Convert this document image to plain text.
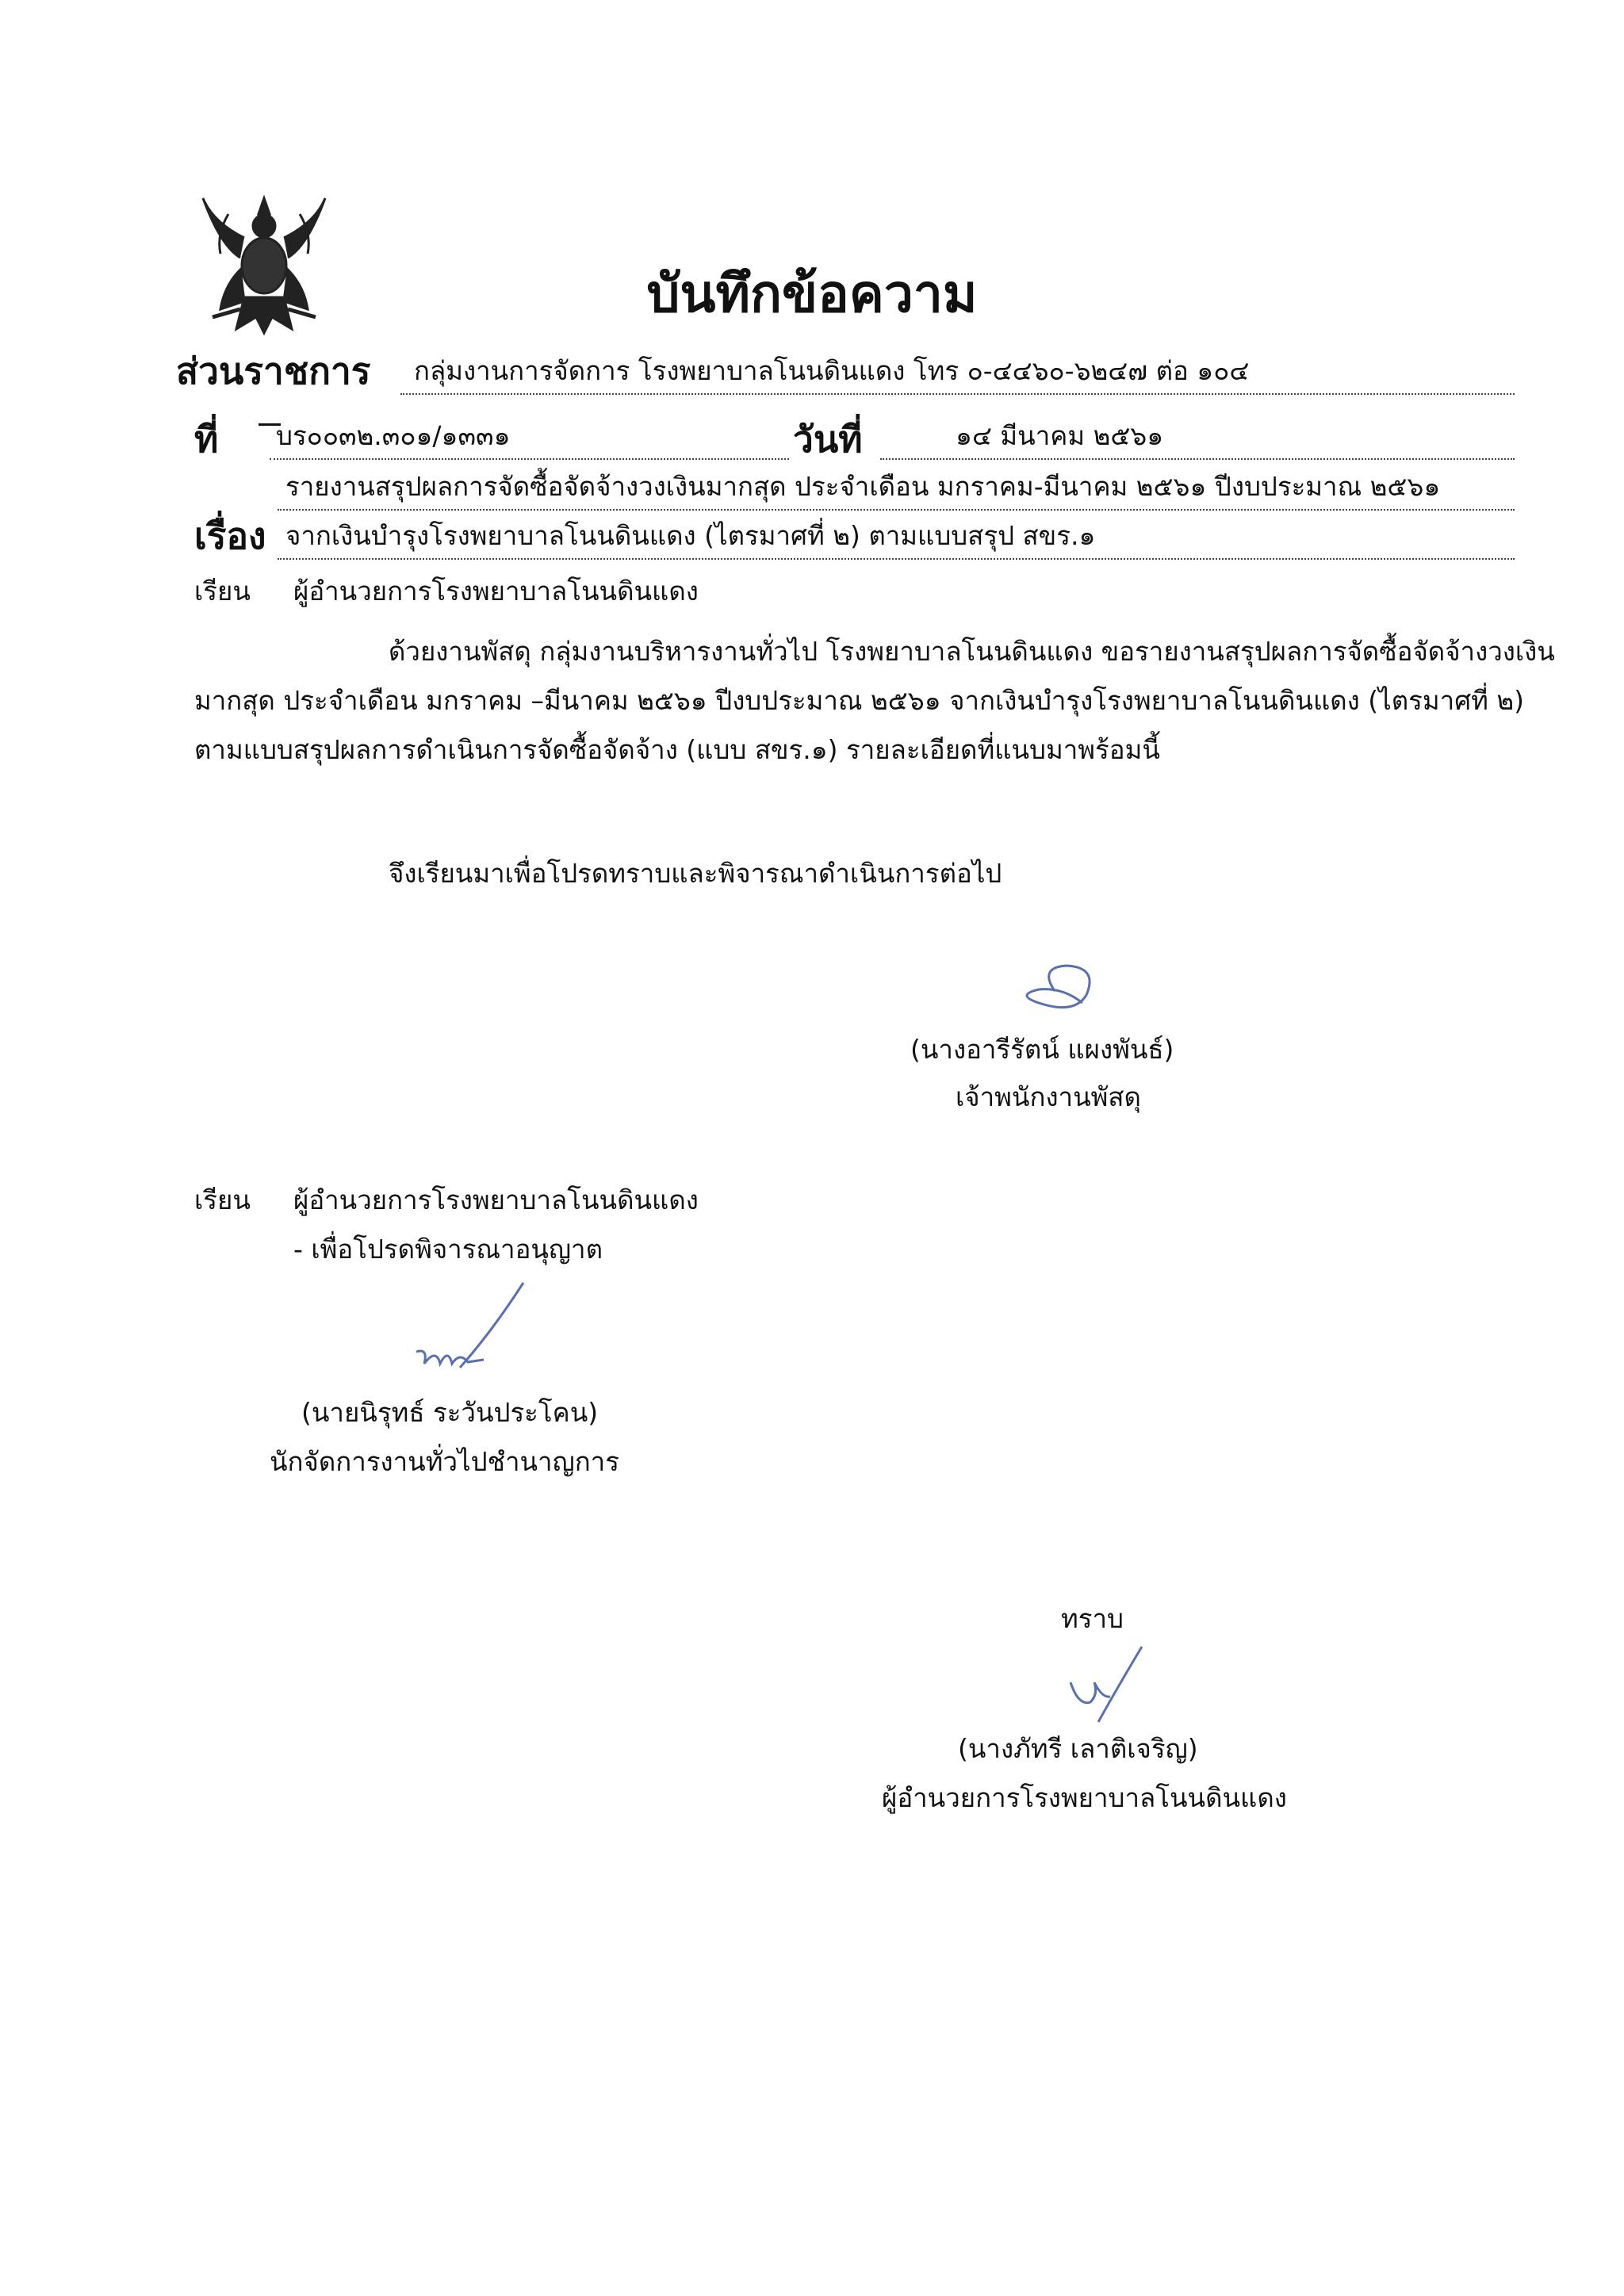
บันทึกข้อความ
ส่วนราชการ กลุ่มงานการจัดการ โรงพยาบาลโนนดินแดง โทร ๐-๔๔๖๐-๖๒๔๗ ต่อ ๑๐๔
ที่ บร๐๐๓๒.๓๐๑/๑๓๓๑	วันที่	๑๔ มีนาคม ๒๕๖๑
รายงานสรุปผลการจัดซื้อจัดจ้างวงเงินมากสุด ประจำเดือน มกราคม-มีนาคม ๒๕๖๑ ปีงบประมาณ ๒๕๖๑
เรื่อง จากเงินบำรุงโรงพยาบาลโนนดินแดง (ไตรมาศที่ ๒) ตามแบบสรุป สขร.๑
เรียน ผู้อำนวยการโรงพยาบาลโนนดินแดง
ด้วยงานพัสดุ กลุ่มงานบริหารงานทั่วไป โรงพยาบาลโนนดินแดง ขอรายงานสรุปผลการจัดซื้อจัดจ้างวงเงิน
มากสุด ประจำเดือน มกราคม –มีนาคม ๒๕๖๑ ปีงบประมาณ ๒๕๖๑ จากเงินบำรุงโรงพยาบาลโนนดินแดง (ไตรมาศที่ ๒)
ตามแบบสรุปผลการดำเนินการจัดซื้อจัดจ้าง (แบบ สขร.๑) รายละเอียดที่แนบมาพร้อมนี้
จึงเรียนมาเพื่อโปรดทราบและพิจารณาดำเนินการต่อไป
(นางอารีรัตน์ แผงพันธ์)
เจ้าพนักงานพัสดุ
เรียน ผู้อำนวยการโรงพยาบาลโนนดินแดง
- เพื่อโปรดพิจารณาอนุญาต
(นายนิรุทธ์ ระวันประโคน)
นักจัดการงานทั่วไปชำนาญการ
ทราบ
(นางภัทรี เลาติเจริญ)
ผู้อำนวยการโรงพยาบาลโนนดินแดง
